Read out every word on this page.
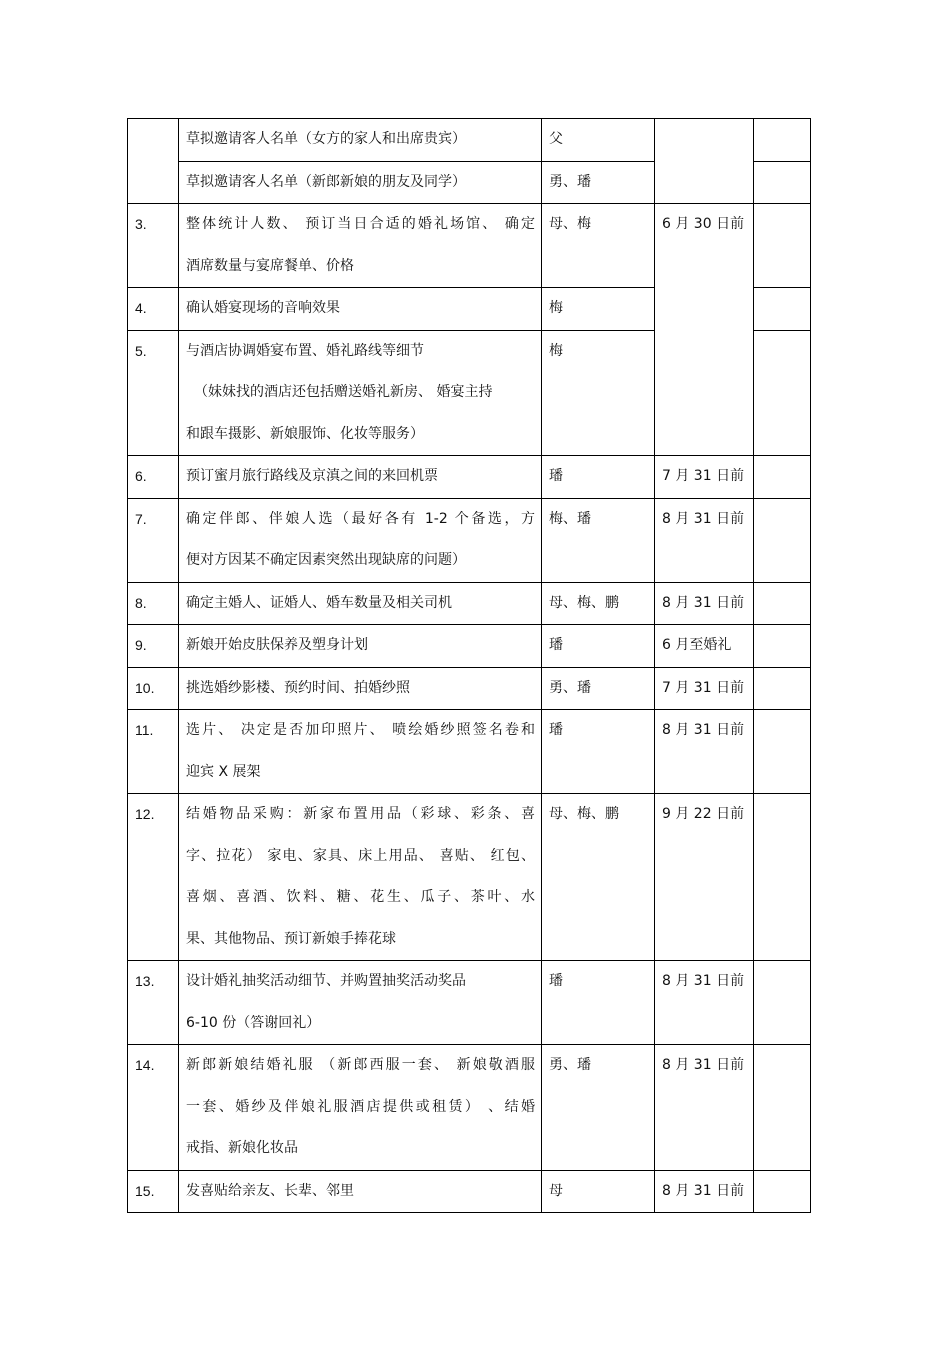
	草拟邀请客人名单（女方的家人和出席贵宾）	父		

	草拟邀请客人名单（新郎新娘的朋友及同学）	勇、璠		
3.	整体统计人数、 预订当日合适的婚礼场馆、 确定
酒席数量与宴席餐单、价格	母、梅	6 月 30 日前	
4.	确认婚宴现场的音响效果	梅		
5.	与酒店协调婚宴布置、婚礼路线等细节
（妹妹找的酒店还包括赠送婚礼新房、 婚宴主持
和跟车摄影、新娘服饰、化妆等服务）	梅		
6.	预订蜜月旅行路线及京滇之间的来回机票	璠	7 月 31 日前	
7.	确定伴郎、伴娘人选（最好各有 1-2 个备选，方
便对方因某不确定因素突然出现缺席的问题）	梅、璠	8 月 31 日前	
8.	确定主婚人、证婚人、婚车数量及相关司机	母、梅、鹏	8 月 31 日前	
9.	新娘开始皮肤保养及塑身计划	璠	6 月至婚礼	
10.	挑选婚纱影楼、预约时间、拍婚纱照	勇、璠	7 月 31 日前	
11.	选片、 决定是否加印照片、 喷绘婚纱照签名卷和
迎宾 X 展架	璠	8 月 31 日前	
12.	结婚物品采购：新家布置用品（彩球、彩条、喜
字、拉花） 家电、家具、床上用品、 喜贴、 红包、
喜烟、喜酒、饮料、糖、花生、瓜子、茶叶、水
果、其他物品、预订新娘手捧花球	母、梅、鹏	9 月 22 日前	
13.	设计婚礼抽奖活动细节、并购置抽奖活动奖品
6-10 份（答谢回礼）	璠	8 月 31 日前	
14.	新郎新娘结婚礼服 （新郎西服一套、 新娘敬酒服
一套、婚纱及伴娘礼服酒店提供或租赁） 、结婚
戒指、新娘化妆品	勇、璠	8 月 31 日前	
15.	发喜贴给亲友、长辈、邻里	母	8 月 31 日前	
